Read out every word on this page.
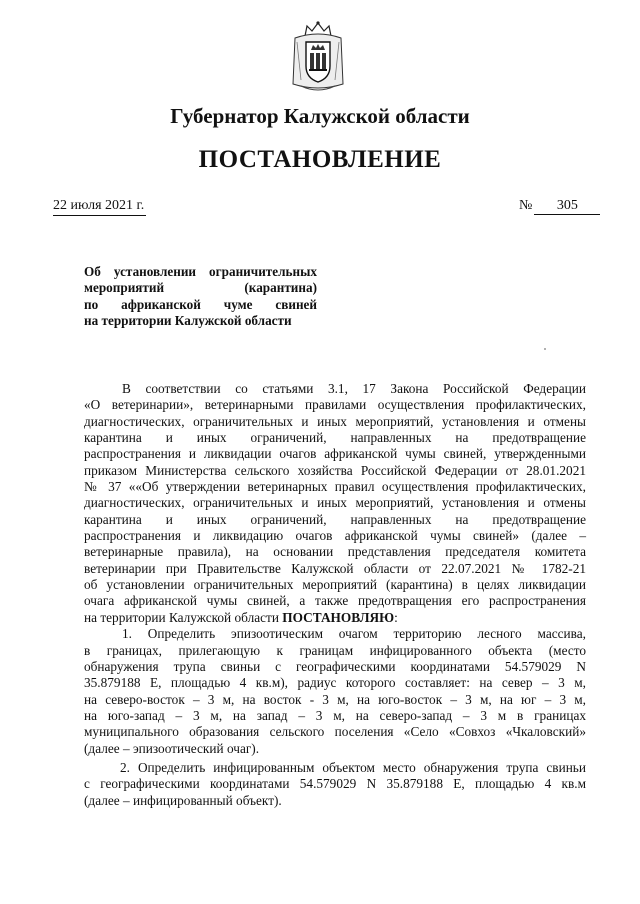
Губернатор Калужской области
ПОСТАНОВЛЕНИЕ
22 июля 2021 г.	№ 305
Об установлении ограничительных
мероприятий (карантина)
по африканской чуме свиней
на территории Калужской области
В соответствии со статьями 3.1, 17 Закона Российской Федерации
«О ветеринарии», ветеринарными правилами осуществления профилактических,
диагностических, ограничительных и иных мероприятий, установления и отмены
карантина и иных ограничений, направленных на предотвращение
распространения и ликвидации очагов африканской чумы свиней, утвержденными
приказом Министерства сельского хозяйства Российской Федерации от 28.01.2021
№ 37 ««Об утверждении ветеринарных правил осуществления профилактических,
диагностических, ограничительных и иных мероприятий, установления и отмены
карантина и иных ограничений, направленных на предотвращение
распространения и ликвидацию очагов африканской чумы свиней» (далее –
ветеринарные правила), на основании представления председателя комитета
ветеринарии при Правительстве Калужской области от 22.07.2021 № 1782-21
об установлении ограничительных мероприятий (карантина) в целях ликвидации
очага африканской чумы свиней, а также предотвращения его распространения
на территории Калужской области ПОСТАНОВЛЯЮ:
1. Определить эпизоотическим очагом территорию лесного массива,
в границах, прилегающую к границам инфицированного объекта (место
обнаружения трупа свиньи с географическими координатами 54.579029 N
35.879188 E, площадью 4 кв.м), радиус которого составляет: на север – 3 м,
на северо-восток – 3 м, на восток - 3 м, на юго-восток – 3 м, на юг – 3 м,
на юго-запад – 3 м, на запад – 3 м, на северо-запад – 3 м в границах
муниципального образования сельского поселения «Село «Совхоз «Чкаловский»
(далее – эпизоотический очаг).
2. Определить инфицированным объектом место обнаружения трупа свиньи
с географическими координатами 54.579029 N 35.879188 E, площадью 4 кв.м
(далее – инфицированный объект).
